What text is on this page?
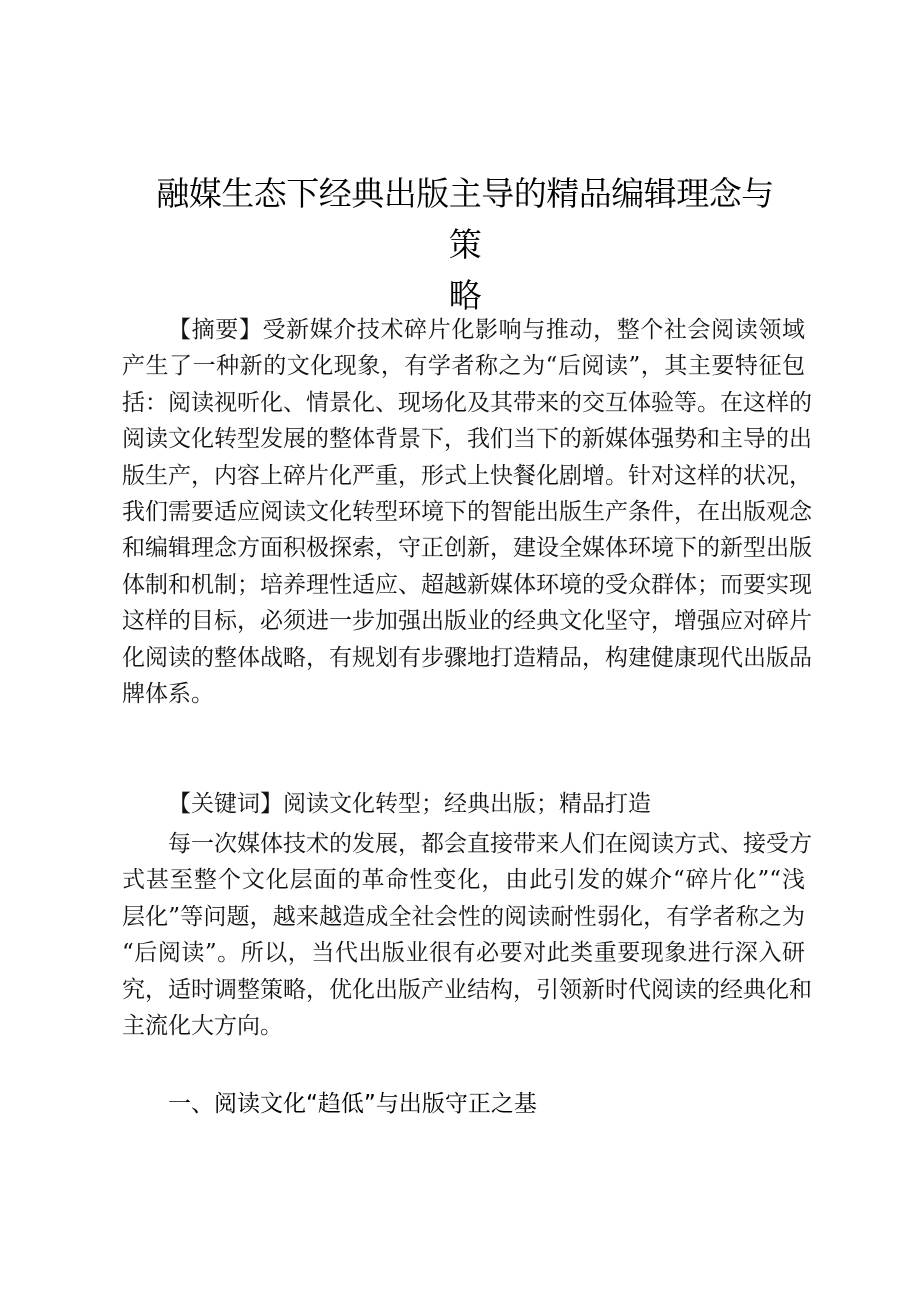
融媒生态下经典出版主导的精品编辑理念与策
略
【摘要】受新媒介技术碎片化影响与推动，整个社会阅读领域
产生了一种新的文化现象，有学者称之为“后阅读”，其主要特征包
括：阅读视听化、情景化、现场化及其带来的交互体验等。在这样的
阅读文化转型发展的整体背景下，我们当下的新媒体强势和主导的出
版生产，内容上碎片化严重，形式上快餐化剧增。针对这样的状况，
我们需要适应阅读文化转型环境下的智能出版生产条件，在出版观念
和编辑理念方面积极探索，守正创新，建设全媒体环境下的新型出版
体制和机制；培养理性适应、超越新媒体环境的受众群体；而要实现
这样的目标，必须进一步加强出版业的经典文化坚守，增强应对碎片
化阅读的整体战略，有规划有步骤地打造精品，构建健康现代出版品
牌体系。
【关键词】阅读文化转型；经典出版；精品打造
每一次媒体技术的发展，都会直接带来人们在阅读方式、接受方
式甚至整个文化层面的革命性变化，由此引发的媒介“碎片化”“浅
层化”等问题，越来越造成全社会性的阅读耐性弱化，有学者称之为
“后阅读”。所以，当代出版业很有必要对此类重要现象进行深入研
究，适时调整策略，优化出版产业结构，引领新时代阅读的经典化和
主流化大方向。
一、阅读文化“趋低”与出版守正之基
